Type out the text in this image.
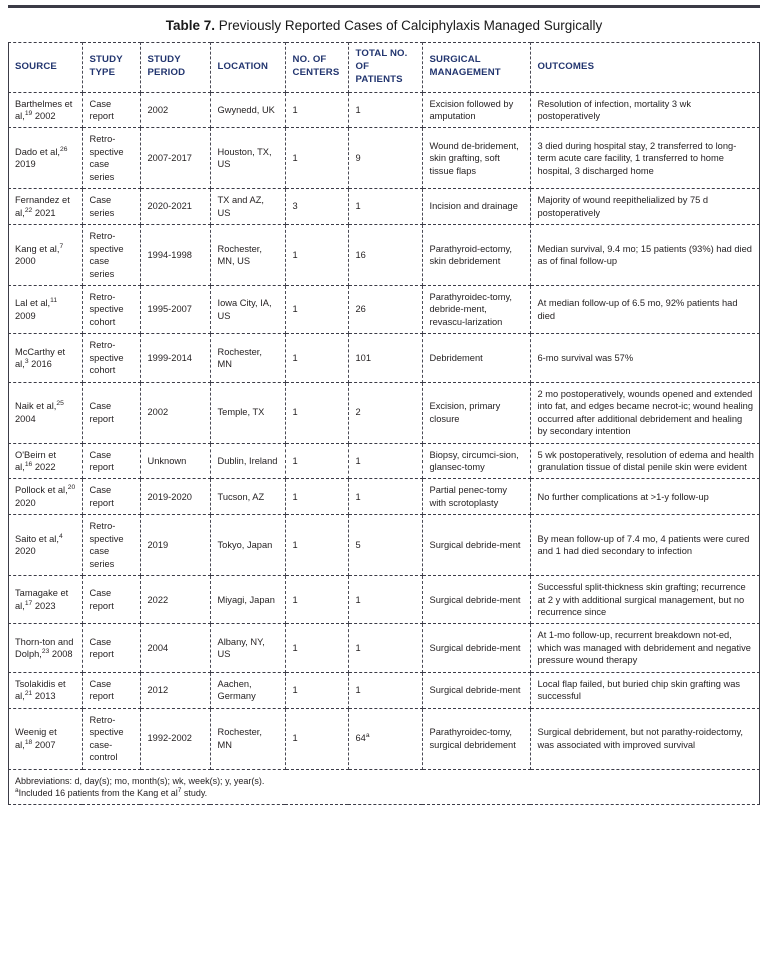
Table 7. Previously Reported Cases of Calciphylaxis Managed Surgically
SOURCE	STUDY TYPE	STUDY PERIOD	LOCATION	NO. OF CENTERS	TOTAL NO. OF PATIENTS	SURGICAL MANAGEMENT	OUTCOMES
Barthelmes et al,$^{19}$ 2002	Case report	2002	Gwynedd, UK	1	1	Excision followed by amputation	Resolution of infection, mortality 3 wk postoperatively
Dado et al,$^{26}$ 2019	Retro-spective case series	2007-2017	Houston, TX, US	1	9	Wound de-bridement, skin grafting, soft tissue flaps	3 died during hospital stay, 2 transferred to long-term acute care facility, 1 transferred to home hospital, 3 discharged home
Fernandez et al,$^{22}$ 2021	Case series	2020-2021	TX and AZ, US	3	1	Incision and drainage	Majority of wound reepithelialized by 75 d postoperatively
Kang et al,$^7$ 2000	Retro-spective case series	1994-1998	Rochester, MN, US	1	16	Parathyroid-ectomy, skin debridement	Median survival, 9.4 mo; 15 patients (93%) had died as of final follow-up
Lal et al,$^{11}$ 2009	Retro-spective cohort	1995-2007	Iowa City, IA, US	1	26	Parathyroidec-tomy, debride-ment, revascu-larization	At median follow-up of 6.5 mo, 92% patients had died
McCarthy et al,$^3$ 2016	Retro-spective cohort	1999-2014	Rochester, MN	1	101	Debridement	6-mo survival was 57%
Naik et al,$^{25}$ 2004	Case report	2002	Temple, TX	1	2	Excision, primary closure	2 mo postoperatively, wounds opened and extended into fat, and edges became necrot-ic; wound healing occurred after additional debridement and healing by secondary intention
O'Beirn et al,$^{16}$ 2022	Case report	Unknown	Dublin, Ireland	1	1	Biopsy, circumci-sion, glansec-tomy	5 wk postoperatively, resolution of edema and health granulation tissue of distal penile skin were evident
Pollock et al,$^{20}$ 2020	Case report	2019-2020	Tucson, AZ	1	1	Partial penec-tomy with scrotoplasty	No further complications at >1-y follow-up
Saito et al,$^4$ 2020	Retro-spective case series	2019	Tokyo, Japan	1	5	Surgical debride-ment	By mean follow-up of 7.4 mo, 4 patients were cured and 1 had died secondary to infection
Tamagake et al,$^{17}$ 2023	Case report	2022	Miyagi, Japan	1	1	Surgical debride-ment	Successful split-thickness skin grafting; recurrence at 2 y with additional surgical management, but no recurrence since
Thorn-ton and Dolph,$^{23}$ 2008	Case report	2004	Albany, NY, US	1	1	Surgical debride-ment	At 1-mo follow-up, recurrent breakdown not-ed, which was managed with debridement and negative pressure wound therapy
Tsolakidis et al,$^{21}$ 2013	Case report	2012	Aachen, Germany	1	1	Surgical debride-ment	Local flap failed, but buried chip skin grafting was successful
Weenig et al,$^{18}$ 2007	Retro-spective case-control	1992-2002	Rochester, MN	1	64$^a$	Parathyroidec-tomy, surgical debridement	Surgical debridement, but not parathy-roidectomy, was associated with improved survival

Abbreviations: d, day(s); mo, month(s); wk, week(s); y, year(s).
$^a$Included 16 patients from the Kang et $al^7$ study.							
